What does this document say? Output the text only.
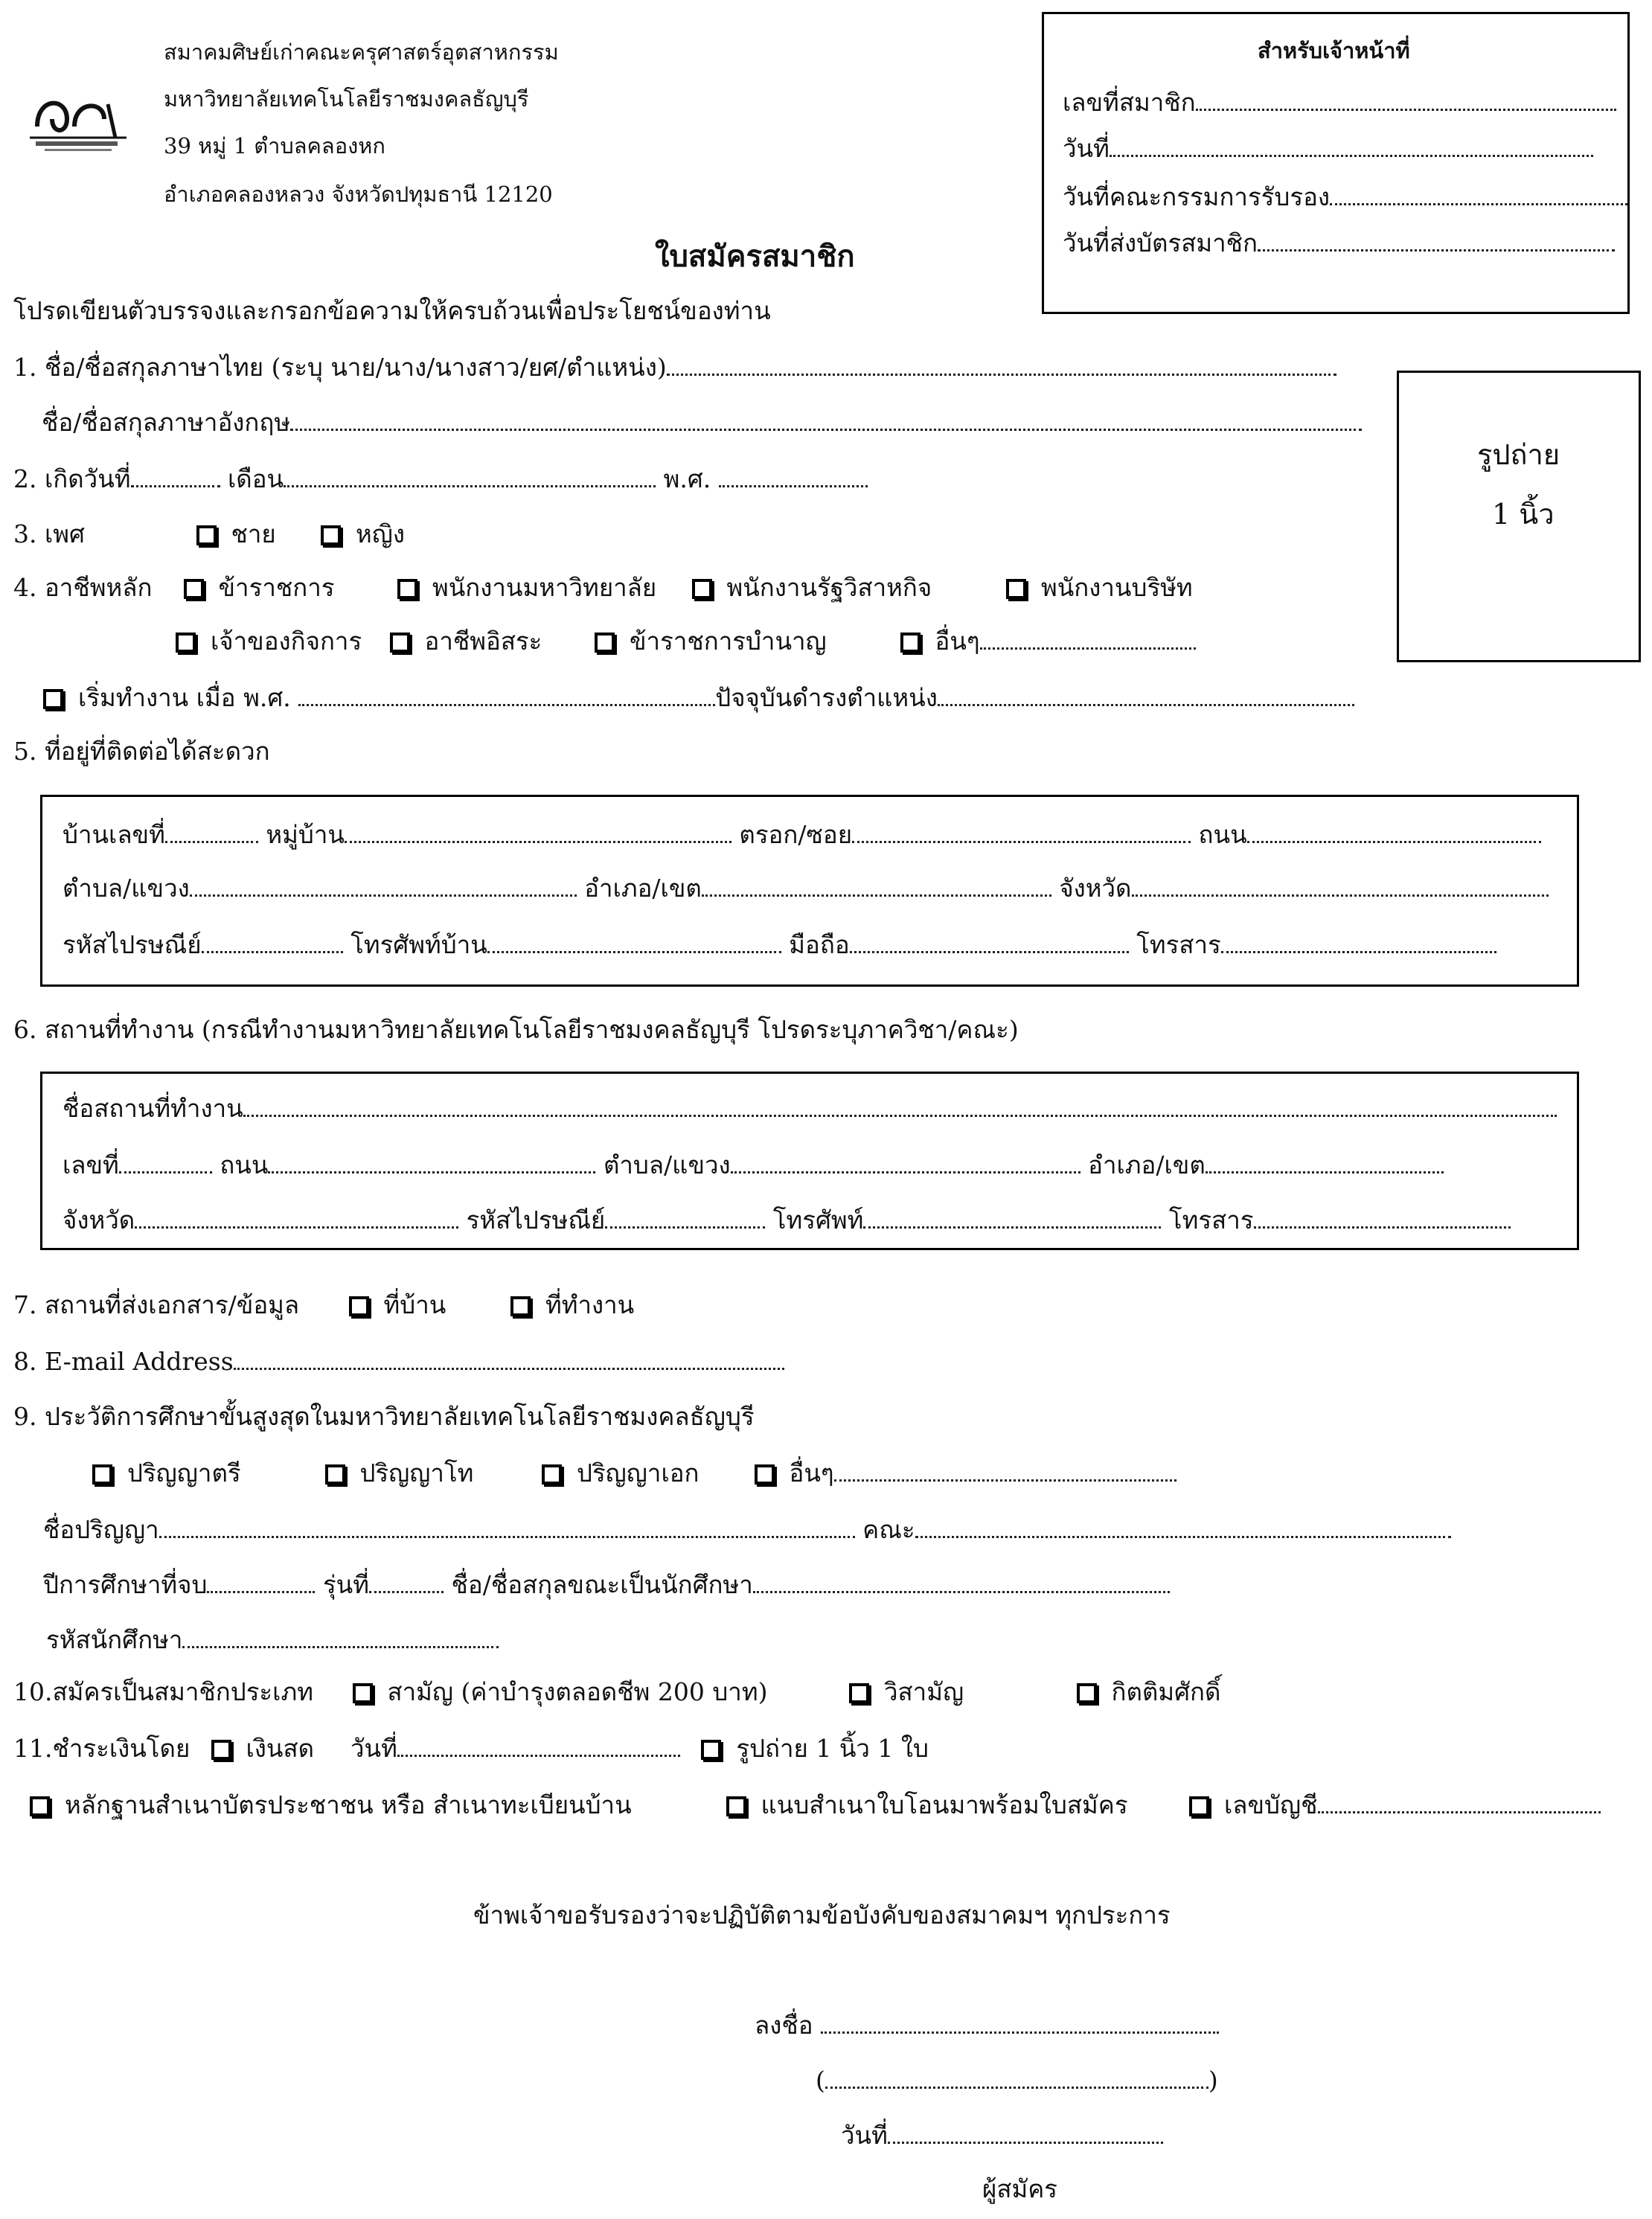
สมาคมศิษย์เก่าคณะครุศาสตร์อุตสาหกรรม
มหาวิทยาลัยเทคโนโลยีราชมงคลธัญบุรี
39 หมู่ 1 ตำบลคลองหก
อำเภอคลองหลวง จังหวัดปทุมธานี 12120
สำหรับเจ้าหน้าที่
เลขที่สมาชิก
วันที่
วันที่คณะกรรมการรับรอง
วันที่ส่งบัตรสมาชิก
ใบสมัครสมาชิก
โปรดเขียนตัวบรรจงและกรอกข้อความให้ครบถ้วนเพื่อประโยชน์ของท่าน
รูปถ่าย
1 นิ้ว
1. ชื่อ/ชื่อสกุลภาษาไทย (ระบุ นาย/นาง/นางสาว/ยศ/ตำแหน่ง)
ชื่อ/ชื่อสกุลภาษาอังกฤษ
2. เกิดวันที่	เดือน	พ.ศ.
3. เพศ	ชาย	หญิง
4. อาชีพหลัก	ข้าราชการ	พนักงานมหาวิทยาลัย	พนักงานรัฐวิสาหกิจ	พนักงานบริษัท
เจ้าของกิจการ	อาชีพอิสระ	ข้าราชการบำนาญ	อื่นๆ
เริ่มทำงาน เมื่อ พ.ศ.	ปัจจุบันดำรงตำแหน่ง
5. ที่อยู่ที่ติดต่อได้สะดวก
บ้านเลขที่	หมู่บ้าน	ตรอก/ซอย	ถนน
ตำบล/แขวง	อำเภอ/เขต	จังหวัด
รหัสไปรษณีย์	โทรศัพท์บ้าน	มือถือ	โทรสาร
6. สถานที่ทำงาน (กรณีทำงานมหาวิทยาลัยเทคโนโลยีราชมงคลธัญบุรี โปรดระบุภาควิชา/คณะ)
ชื่อสถานที่ทำงาน
เลขที่	ถนน	ตำบล/แขวง	อำเภอ/เขต
จังหวัด	รหัสไปรษณีย์	โทรศัพท์	โทรสาร
7. สถานที่ส่งเอกสาร/ข้อมูล	ที่บ้าน	ที่ทำงาน
8. E-mail Address
9. ประวัติการศึกษาขั้นสูงสุดในมหาวิทยาลัยเทคโนโลยีราชมงคลธัญบุรี
ปริญญาตรี	ปริญญาโท	ปริญญาเอก	อื่นๆ
ชื่อปริญญา	คณะ
ปีการศึกษาที่จบ	รุ่นที่	ชื่อ/ชื่อสกุลขณะเป็นนักศึกษา
รหัสนักศึกษา
10.สมัครเป็นสมาชิกประเภท	สามัญ (ค่าบำรุงตลอดชีพ 200 บาท)	วิสามัญ	กิตติมศักดิ์
11.ชำระเงินโดย เงินสด วันที่	รูปถ่าย 1 นิ้ว 1 ใบ
หลักฐานสำเนาบัตรประชาชน หรือ สำเนาทะเบียนบ้าน	แนบสำเนาใบโอนมาพร้อมใบสมัคร	เลขบัญชี
ข้าพเจ้าขอรับรองว่าจะปฏิบัติตามข้อบังคับของสมาคมฯ ทุกประการ
ลงชื่อ
(	)
วันที่
ผู้สมัคร
